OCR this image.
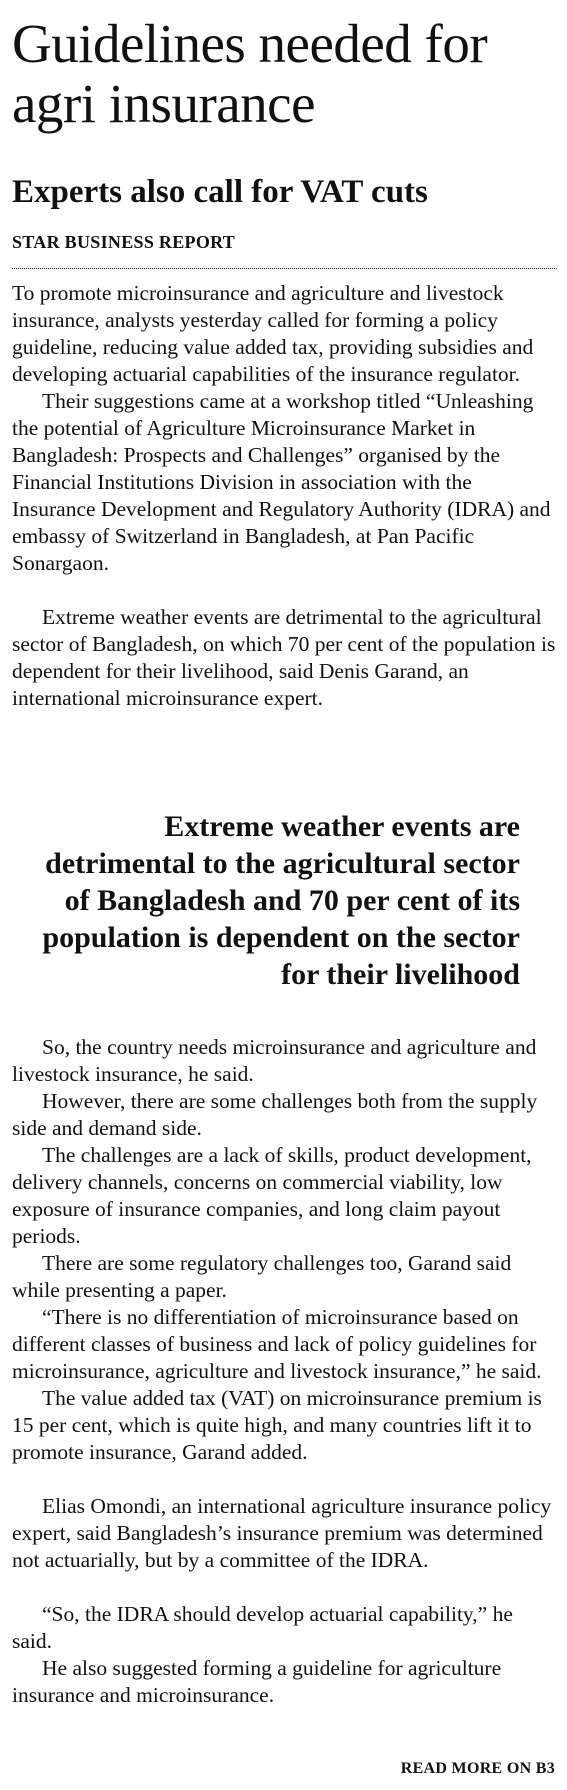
Guidelines needed for agri insurance
Experts also call for VAT cuts
STAR BUSINESS REPORT

To promote microinsurance and agriculture and livestock insurance, analysts yesterday called for forming a policy guideline, reducing value added tax, providing subsidies and developing actuarial capabilities of the insurance regulator.

Their suggestions came at a workshop titled “Unleashing the potential of Agriculture Microinsurance Market in Bangladesh: Prospects and Challenges” organised by the Financial Institutions Division in association with the Insurance Development and Regulatory Authority (IDRA) and embassy of Switzerland in Bangladesh, at Pan Pacific Sonargaon.

Extreme weather events are detrimental to the agricultural sector of Bangladesh, on which 70 per cent of the population is dependent for their livelihood, said Denis Garand, an international microinsurance expert.

Extreme weather events are detrimental to the agricultural sector of Bangladesh and 70 per cent of its population is dependent on the sector for their livelihood

So, the country needs microinsurance and agriculture and livestock insurance, he said.

However, there are some challenges both from the supply side and demand side.

The challenges are a lack of skills, product development, delivery channels, concerns on commercial viability, low exposure of insurance companies, and long claim payout periods.

There are some regulatory challenges too, Garand said while presenting a paper.

“There is no differentiation of microinsurance based on different classes of business and lack of policy guidelines for microinsurance, agriculture and livestock insurance,” he said.

The value added tax (VAT) on microinsurance premium is 15 per cent, which is quite high, and many countries lift it to promote insurance, Garand added.

Elias Omondi, an international agriculture insurance policy expert, said Bangladesh’s insurance premium was determined not actuarially, but by a committee of the IDRA.

“So, the IDRA should develop actuarial capability,” he said.

He also suggested forming a guideline for agriculture insurance and microinsurance.

READ MORE ON B3
